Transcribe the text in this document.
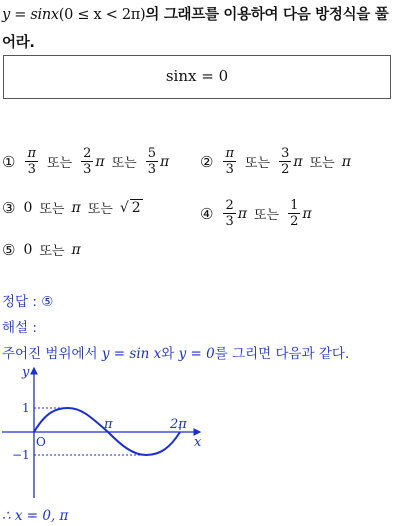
y = sinx(0 ≤ x < 2π)의 그래프를 이용하여 다음 방정식을 풀
어라.
sinx = 0
① $\frac{\pi}{3}$ 또는 $\frac{2}{3}$ π 또는 $\frac{5}{3}$ π ② $\frac{\pi}{3}$ 또는 $\frac{3}{2}$ π 또는 π
③ 0 또는 π 또는 √ 2	④ $\frac{2}{3}$ π 또는 $\frac{1}{2}$ π
⑤ 0 또는 π
정답 : ⑤
해설 :
주어진 범위에서 y = sin x와 y = 0를 그리면 다음과 같다.
y
x
O
π	2π
1
−1
∴ x = 0, π
